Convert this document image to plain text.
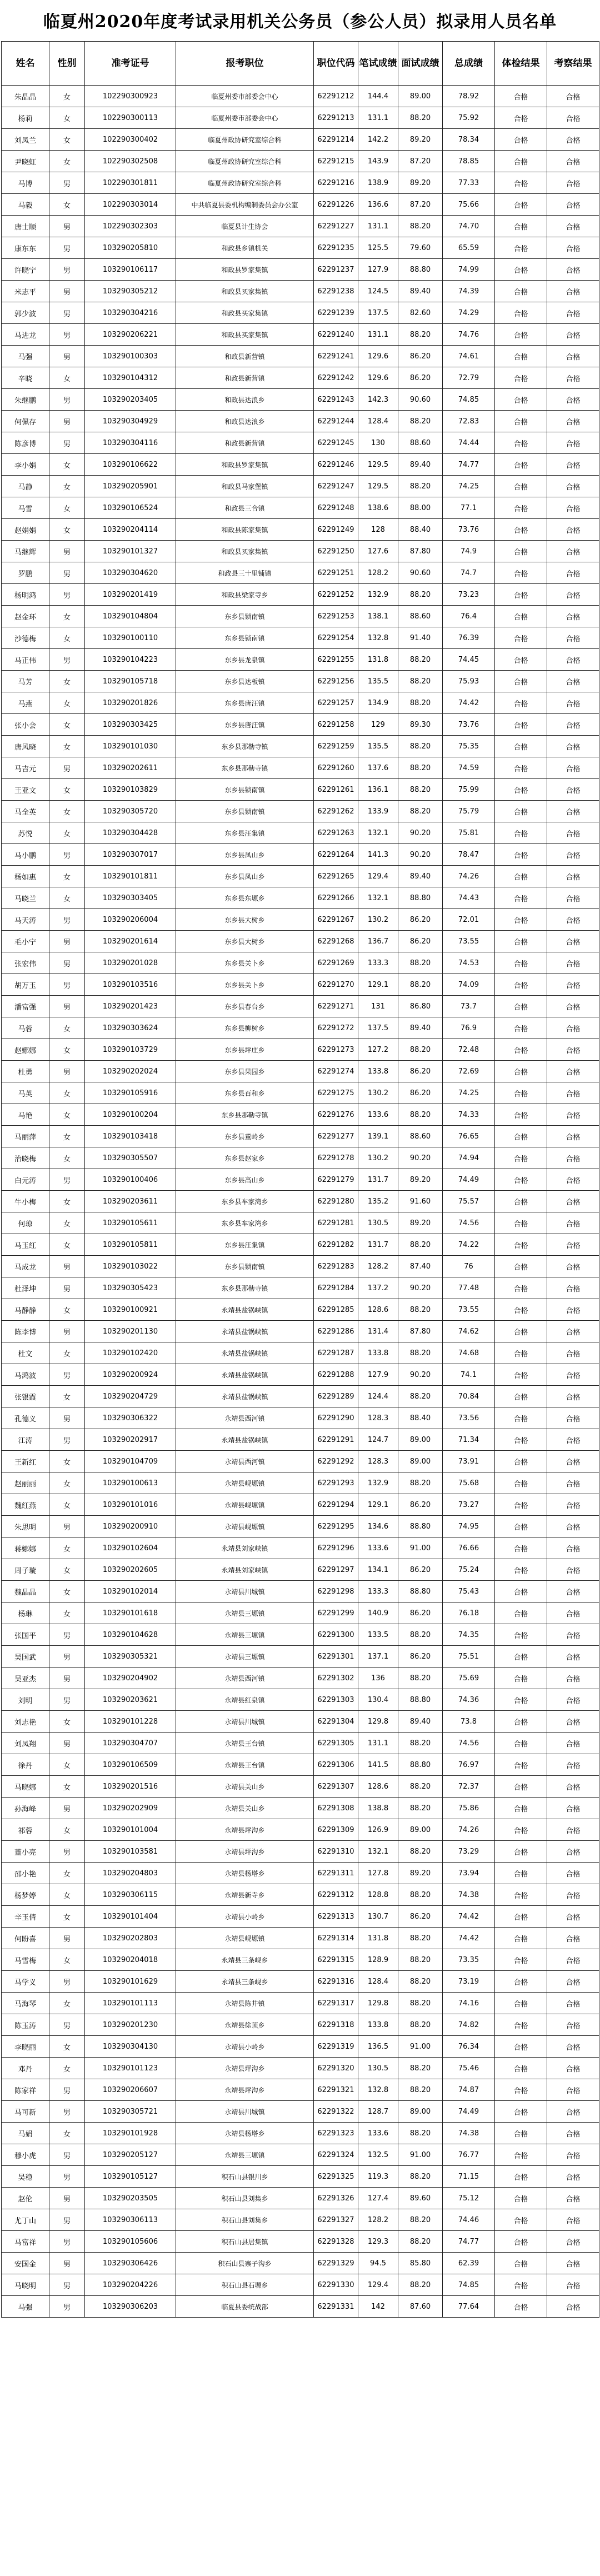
临夏州2020年度考试录用机关公务员（参公人员）拟录用人员名单
姓名	性别	准考证号	报考职位	职位代码	笔试成绩	面试成绩	总成绩	体检结果	考察结果
朱晶晶	女	102290300923	临夏州委市部委会中心	62291212	144.4	89.00	78.92	合格	合格
杨莉	女	102290300113	临夏州委市部委会中心	62291213	131.1	88.20	75.92	合格	合格
刘凤兰	女	102290300402	临夏州政协研究室综合科	62291214	142.2	89.20	78.34	合格	合格
尹晓虹	女	102290302508	临夏州政协研究室综合科	62291215	143.9	87.20	78.85	合格	合格
马博	男	102290301811	临夏州政协研究室综合科	62291216	138.9	89.20	77.33	合格	合格
马毅	女	102290303014	中共临夏县委机构编制委员会办公室	62291226	136.6	87.20	75.66	合格	合格
唐士顺	男	102290302303	临夏县计生协会	62291227	131.1	88.20	74.70	合格	合格
康东东	男	103290205810	和政县乡镇机关	62291235	125.5	79.60	65.59	合格	合格
许晓宁	男	103290106117	和政县罗家集镇	62291237	127.9	88.80	74.99	合格	合格
米志平	男	103290305212	和政县买家集镇	62291238	124.5	89.40	74.39	合格	合格
郭少波	男	103290304216	和政县买家集镇	62291239	137.5	82.60	74.29	合格	合格
马进龙	男	103290206221	和政县买家集镇	62291240	131.1	88.20	74.76	合格	合格
马强	男	103290100303	和政县新营镇	62291241	129.6	86.20	74.61	合格	合格
辛晓	女	103290104312	和政县新营镇	62291242	129.6	86.20	72.79	合格	合格
朱继鹏	男	103290203405	和政县达浪乡	62291243	142.3	90.60	74.85	合格	合格
何佩存	男	103290304929	和政县达浪乡	62291244	128.4	88.20	72.83	合格	合格
陈彦博	男	103290304116	和政县新营镇	62291245	130	88.60	74.44	合格	合格
李小娟	女	103290106622	和政县罗家集镇	62291246	129.5	89.40	74.77	合格	合格
马静	女	103290205901	和政县马家堡镇	62291247	129.5	88.20	74.25	合格	合格
马雪	女	103290106524	和政县三合镇	62291248	138.6	88.00	77.1	合格	合格
赵娟娟	女	103290204114	和政县陈家集镇	62291249	128	88.40	73.76	合格	合格
马继辉	男	103290101327	和政县买家集镇	62291250	127.6	87.80	74.9	合格	合格
罗鹏	男	103290304620	和政县三十里铺镇	62291251	128.2	90.60	74.7	合格	合格
杨明鸿	男	103290201419	和政县梁家寺乡	62291252	132.9	88.20	73.23	合格	合格
赵金环	女	103290104804	东乡县锁南镇	62291253	138.1	88.60	76.4	合格	合格
沙德梅	女	103290100110	东乡县锁南镇	62291254	132.8	91.40	76.39	合格	合格
马正伟	男	103290104223	东乡县龙泉镇	62291255	131.8	88.20	74.45	合格	合格
马芳	女	103290105718	东乡县达板镇	62291256	135.5	88.20	75.93	合格	合格
马燕	女	103290201826	东乡县唐汪镇	62291257	134.9	88.20	74.42	合格	合格
张小会	女	103290303425	东乡县唐汪镇	62291258	129	89.30	73.76	合格	合格
唐风晓	女	103290101030	东乡县那勒寺镇	62291259	135.5	88.20	75.35	合格	合格
马吉元	男	103290202611	东乡县那勒寺镇	62291260	137.6	88.20	74.59	合格	合格
王亚文	女	103290103829	东乡县锁南镇	62291261	136.1	88.20	75.99	合格	合格
马全英	女	103290305720	东乡县锁南镇	62291262	133.9	88.20	75.79	合格	合格
苏悦	女	103290304428	东乡县汪集镇	62291263	132.1	90.20	75.81	合格	合格
马小鹏	男	103290307017	东乡县凤山乡	62291264	141.3	90.20	78.47	合格	合格
杨如惠	女	103290101811	东乡县凤山乡	62291265	129.4	89.40	74.26	合格	合格
马晓兰	女	103290303405	东乡县东塬乡	62291266	132.1	88.80	74.43	合格	合格
马天涛	男	103290206004	东乡县大树乡	62291267	130.2	86.20	72.01	合格	合格
毛小宁	男	103290201614	东乡县大树乡	62291268	136.7	86.20	73.55	合格	合格
张宏伟	男	103290201028	东乡县关卜乡	62291269	133.3	88.20	74.53	合格	合格
胡万玉	男	103290103516	东乡县关卜乡	62291270	129.1	88.20	74.09	合格	合格
潘富强	男	103290201423	东乡县春台乡	62291271	131	86.80	73.7	合格	合格
马蓉	女	103290303624	东乡县柳树乡	62291272	137.5	89.40	76.9	合格	合格
赵娜娜	女	103290103729	东乡县坪庄乡	62291273	127.2	88.20	72.48	合格	合格
杜勇	男	103290202024	东乡县果园乡	62291274	133.8	86.20	72.69	合格	合格
马英	女	103290105916	东乡县百和乡	62291275	130.2	86.20	74.25	合格	合格
马艳	女	103290100204	东乡县那勒寺镇	62291276	133.6	88.20	74.33	合格	合格
马丽萍	女	103290103418	东乡县董岭乡	62291277	139.1	88.60	76.65	合格	合格
治晓梅	女	103290305507	东乡县赵家乡	62291278	130.2	90.20	74.94	合格	合格
白元涛	男	103290100406	东乡县高山乡	62291279	131.7	89.20	74.49	合格	合格
牛小梅	女	103290203611	东乡县车家湾乡	62291280	135.2	91.60	75.57	合格	合格
何琼	女	103290105611	东乡县车家湾乡	62291281	130.5	89.20	74.56	合格	合格
马玉红	女	103290105811	东乡县汪集镇	62291282	131.7	88.20	74.22	合格	合格
马成龙	男	103290103022	东乡县锁南镇	62291283	128.2	87.40	76	合格	合格
杜泽坤	男	103290305423	东乡县那勒寺镇	62291284	137.2	90.20	77.48	合格	合格
马静静	女	103290100921	永靖县盐锅峡镇	62291285	128.6	88.20	73.55	合格	合格
陈李博	男	103290201130	永靖县盐锅峡镇	62291286	131.4	87.80	74.62	合格	合格
杜文	女	103290102420	永靖县盐锅峡镇	62291287	133.8	88.20	74.68	合格	合格
马鸿波	男	103290200924	永靖县盐锅峡镇	62291288	127.9	90.20	74.1	合格	合格
张银霞	女	103290204729	永靖县盐锅峡镇	62291289	124.4	88.20	70.84	合格	合格
孔德义	男	103290306322	永靖县西河镇	62291290	128.3	88.40	73.56	合格	合格
江涛	男	103290202917	永靖县盐锅峡镇	62291291	124.7	89.00	71.34	合格	合格
王新红	女	103290104709	永靖县西河镇	62291292	128.3	89.00	73.91	合格	合格
赵丽丽	女	103290100613	永靖县岘塬镇	62291293	132.9	88.20	75.68	合格	合格
魏红燕	女	103290101016	永靖县岘塬镇	62291294	129.1	86.20	73.27	合格	合格
朱思明	男	103290200910	永靖县岘塬镇	62291295	134.6	88.80	74.95	合格	合格
蒋娜娜	女	103290102604	永靖县刘家峡镇	62291296	133.6	91.00	76.66	合格	合格
周子璇	女	103290202605	永靖县刘家峡镇	62291297	134.1	86.20	75.24	合格	合格
魏晶晶	女	103290102014	永靖县川城镇	62291298	133.3	88.80	75.43	合格	合格
杨琳	女	103290101618	永靖县三塬镇	62291299	140.9	86.20	76.18	合格	合格
张国平	男	103290104628	永靖县三塬镇	62291300	133.5	88.20	74.35	合格	合格
吴国武	男	103290305321	永靖县三塬镇	62291301	137.1	86.20	75.51	合格	合格
吴亚杰	男	103290204902	永靖县西河镇	62291302	136	88.20	75.69	合格	合格
刘明	男	103290203621	永靖县红泉镇	62291303	130.4	88.80	74.36	合格	合格
刘志艳	女	103290101228	永靖县川城镇	62291304	129.8	89.40	73.8	合格	合格
刘凤翔	男	103290304707	永靖县王台镇	62291305	131.1	88.20	74.56	合格	合格
徐丹	女	103290106509	永靖县王台镇	62291306	141.5	88.80	76.97	合格	合格
马晓娜	女	103290201516	永靖县关山乡	62291307	128.6	88.20	72.37	合格	合格
孙海峰	男	103290202909	永靖县关山乡	62291308	138.8	88.20	75.86	合格	合格
祁蓉	女	103290101004	永靖县坪沟乡	62291309	126.9	89.00	74.26	合格	合格
董小亮	男	103290103581	永靖县坪沟乡	62291310	132.1	88.20	73.29	合格	合格
邵小艳	女	103290204803	永靖县杨塔乡	62291311	127.8	89.20	73.94	合格	合格
杨梦婷	女	103290306115	永靖县新寺乡	62291312	128.8	88.20	74.38	合格	合格
辛玉倩	女	103290101404	永靖县小岭乡	62291313	130.7	86.20	74.42	合格	合格
何盼喜	男	103290202803	永靖县岘塬镇	62291314	131.8	88.20	74.42	合格	合格
马雪梅	女	103290204018	永靖县三条岘乡	62291315	128.9	88.20	73.35	合格	合格
马学义	男	103290101629	永靖县三条岘乡	62291316	128.4	88.20	73.19	合格	合格
马海琴	女	103290101113	永靖县陈井镇	62291317	129.8	88.20	74.16	合格	合格
陈玉涛	男	103290201230	永靖县徐顶乡	62291318	133.8	88.20	74.82	合格	合格
李晓丽	女	103290304130	永靖县小岭乡	62291319	136.5	91.00	76.34	合格	合格
邓丹	女	103290101123	永靖县坪沟乡	62291320	130.5	88.20	75.46	合格	合格
陈家祥	男	103290206607	永靖县坪沟乡	62291321	132.8	88.20	74.87	合格	合格
马可新	男	103290305721	永靖县川城镇	62291322	128.7	89.00	74.49	合格	合格
马娟	女	103290101928	永靖县杨塔乡	62291323	133.6	88.20	74.38	合格	合格
穆小虎	男	103290205127	永靖县三塬镇	62291324	132.5	91.00	76.77	合格	合格
吴稳	男	103290105127	积石山县银川乡	62291325	119.3	88.20	71.15	合格	合格
赵伦	男	103290203505	积石山县刘集乡	62291326	127.4	89.60	75.12	合格	合格
尤丁山	男	103290306113	积石山县刘集乡	62291327	128.2	88.20	74.46	合格	合格
马富祥	男	103290105606	积石山县居集镇	62291328	129.3	88.20	74.77	合格	合格
安国金	男	103290306426	积石山县寨子沟乡	62291329	94.5	85.80	62.39	合格	合格
马晓明	男	103290204226	积石山县石塬乡	62291330	129.4	88.20	74.85	合格	合格
马强	男	103290306203	临夏县委统战部	62291331	142	87.60	77.64	合格	合格
